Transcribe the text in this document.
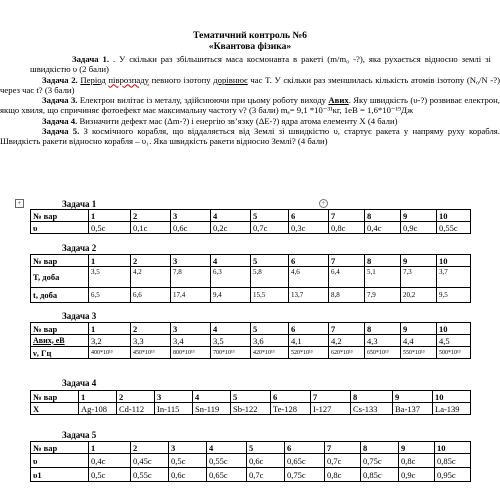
Тематичний контроль №6
«Квантова фізика»

Задача 1. . У скільки раз збільшиться маса космонавта в ракеті (m/m₀ -?), яка рухається відносно землі зі швидкістю υ (2 бали)

Задача 2. Період піврозпаду певного ізотопу дорівнює час T. У скільки раз зменшилась кількість атомів ізотопу (N₀/N -?) через час t? (3 бали)

Задача 3. Електрон вилітає із металу, здійснюючи при цьому роботу виходу Aвих. Яку швидкість (υ-?) розвиває електрон, якщо хвиля, що спричиняє фотоефект має максимальну частоту ν? (3 бали) mₑ= 9,1 *10⁻³¹кг, 1еВ = 1,6*10⁻¹⁹Дж

Задача 4. Визначити дефект мас (Δm-?) і енергію зв’язку (ΔE-?) ядра атома елементу X (4 бали)

Задача 5. З космічного корабля, що віддаляється від Землі зі швидкістю υ, стартує ракета у напряму руху корабля. Швидкість ракети відносно корабля – υ₁. Яка швидкість ракети відносно Землі? (4 бали)

+	+
Задача 1
№ вар	1	2	3	4	5	6	7	8	9	10
υ	0,5c	0,1c	0,6c	0,2c	0,7c	0,3c	0,8c	0,4c	0,9c	0,55c
Задача 2
№ вар	1	2	3	4	5	6	7	8	9	10
T, доба	3,5	4,2	7,8	6,3	5,8	4,6	6,4	5,1	7,3	3,7
t, доба	6,5	6,6	17,4	9,4	15,5	13,7	8,8	7,9	20,2	9,5
Задача 3
№ вар	1	2	3	4	5	6	7	8	9	10
Aвих, еВ	3,2	3,3	3,4	3,5	3,6	4,1	4,2	4,3	4,4	4,5
ν, Гц	400*10¹³	450*10¹³	800*10¹³	700*10¹³	420*10¹³	520*10¹³	620*10¹³	650*10¹³	550*10¹³	500*10¹³
Задача 4
№ вар	1	2	3	4	5	6	7	8	9	10
X	Ag-108	Cd-112	In-115	Sn-119	Sb-122	Te-128	I-127	Cs-133	Ba-137	La-139
Задача 5
№ вар	1	2	3	4	5	6	7	8	9	10
υ	0,4c	0,45c	0,5c	0,55c	0,6c	0,65c	0,7c	0,75c	0,8c	0,85c
υ1	0,5c	0,55c	0,6c	0,65c	0,7c	0,75c	0,8c	0,85c	0,9c	0,95c
